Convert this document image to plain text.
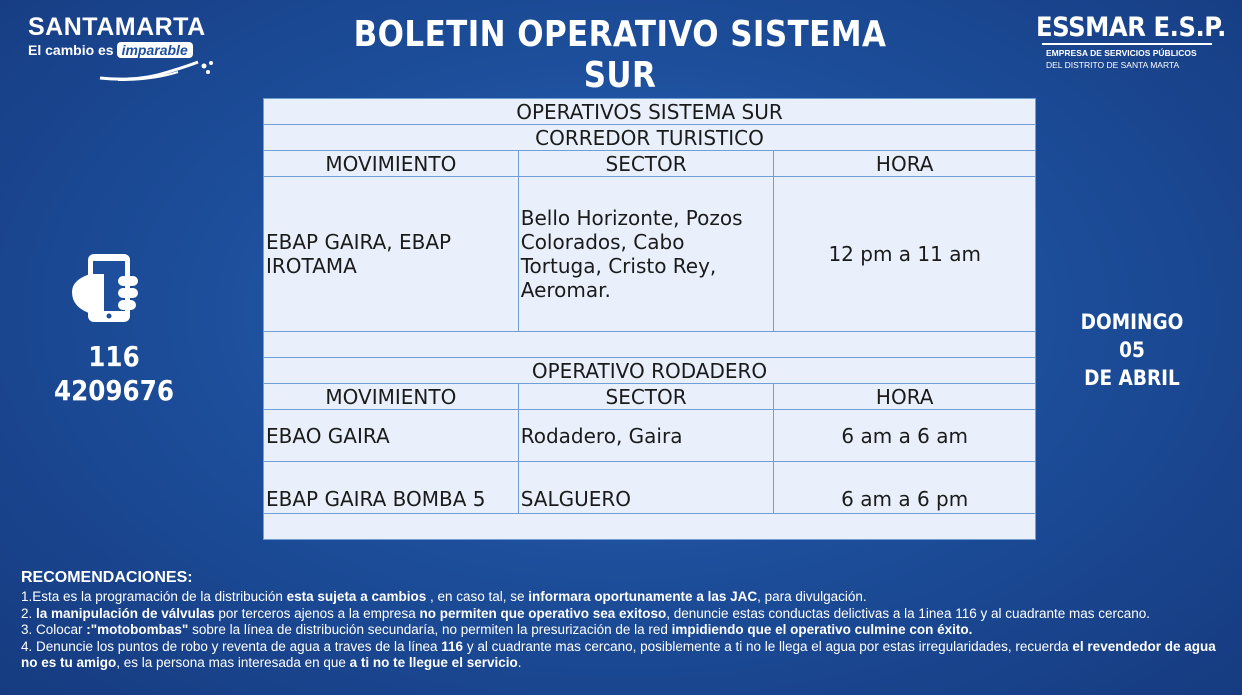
SANTAMARTA
El cambio es imparable	BOLETIN OPERATIVO SISTEMA SUR
ESSMAR E.S.P.
EMPRESA DE SERVICIOS PÚBLICOS
DEL DISTRITO DE SANTA MARTA
116
4209676
DOMINGO
05
DE ABRIL
OPERATIVOS SISTEMA SUR		
CORREDOR TURISTICO		
MOVIMIENTO	SECTOR	HORA
EBAP GAIRA, EBAP IROTAMA	Bello Horizonte, Pozos Colorados, Cabo Tortuga, Cristo Rey, Aeromar.	12 pm a 11 am

OPERATIVO RODADERO		
MOVIMIENTO	SECTOR	HORA
EBAO GAIRA	Rodadero, Gaira	6 am a 6 am
EBAP GAIRA BOMBA 5	SALGUERO	6 am a 6 pm

RECOMENDACIONES:
1.Esta es la programación de la distribución esta sujeta a cambios , en caso tal, se informara oportunamente a las JAC, para divulgación.
2. la manipulación de válvulas por terceros ajenos a la empresa no permiten que operativo sea exitoso, denuncie estas conductas delictivas a la 1inea 116 y al cuadrante mas cercano.
3. Colocar :"motobombas" sobre la línea de distribución secundaría, no permiten la presurización de la red impidiendo que el operativo culmine con éxito.
4. Denuncie los puntos de robo y reventa de agua a traves de la línea 116 y al cuadrante mas cercano, posiblemente a ti no le llega el agua por estas irregularidades, recuerda el revendedor de agua no es tu amigo, es la persona mas interesada en que a ti no te llegue el servicio.
